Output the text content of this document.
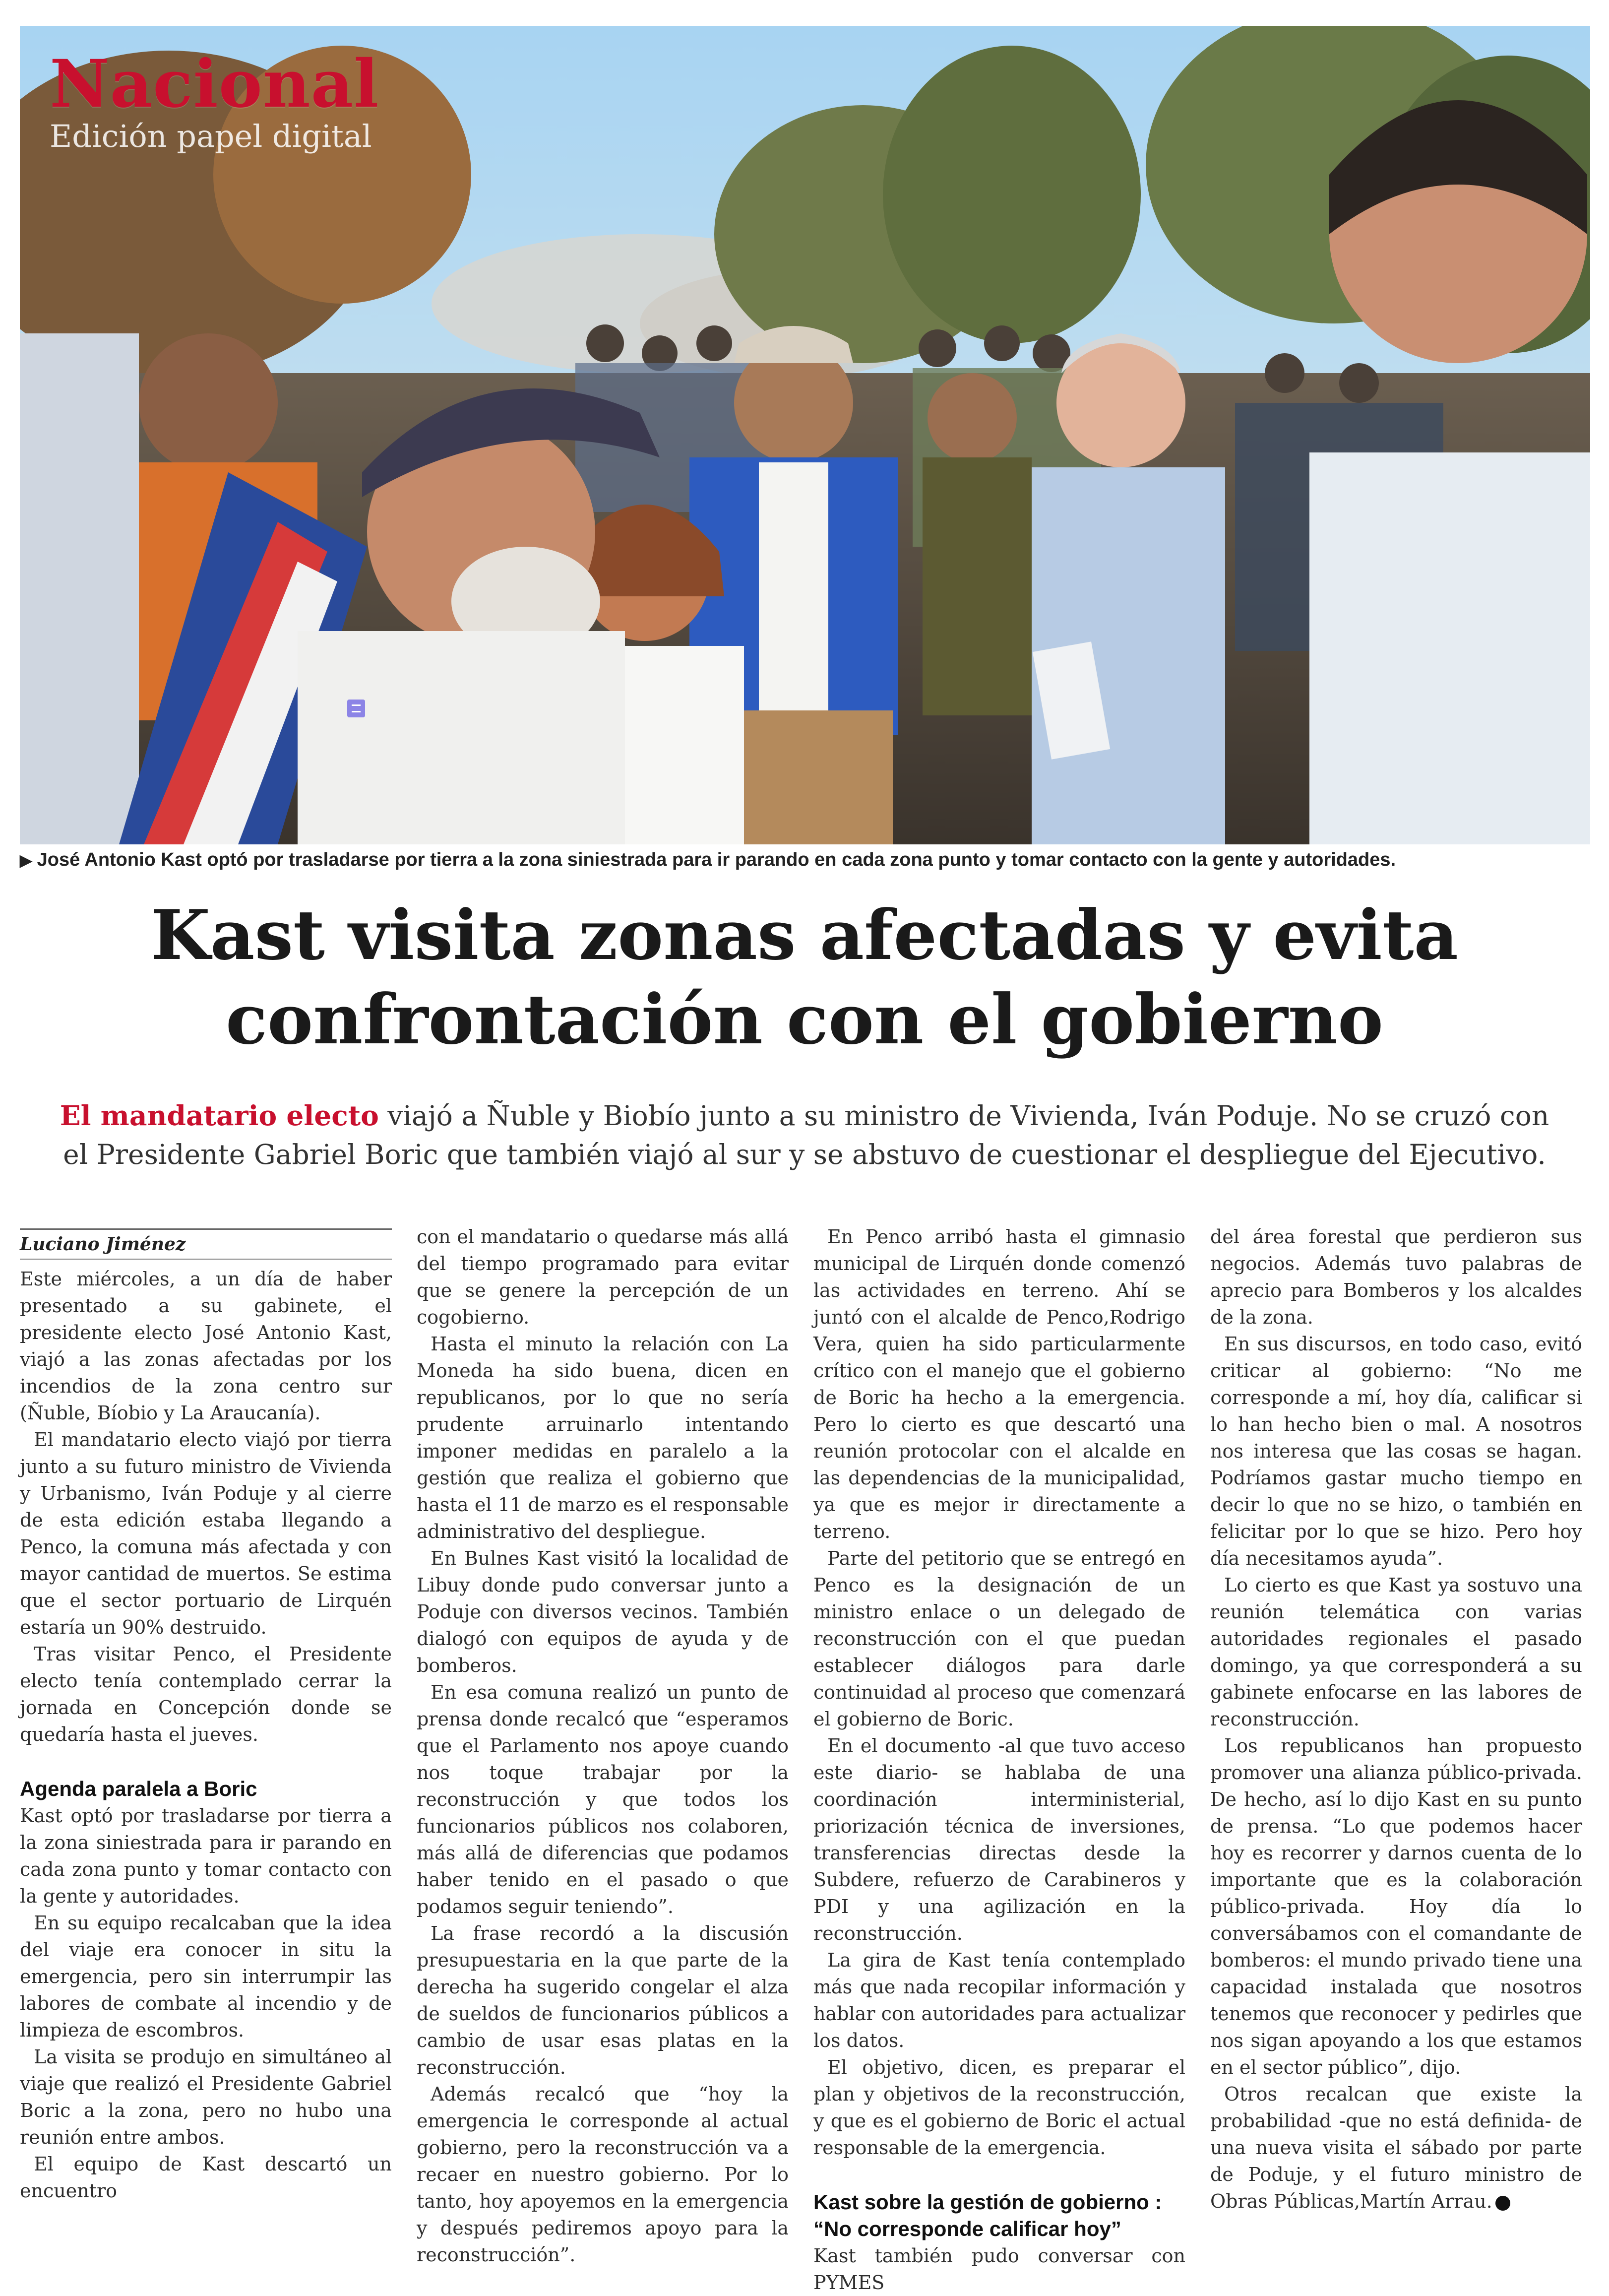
Nacional
Edición papel digital
▶ José Antonio Kast optó por trasladarse por tierra a la zona siniestrada para ir parando en cada zona punto y tomar contacto con la gente y autoridades.
Kast visita zonas afectadas y evita
confrontación con el gobierno
El mandatario electo viajó a Ñuble y Biobío junto a su ministro de Vivienda, Iván Poduje. No se cruzó con
el Presidente Gabriel Boric que también viajó al sur y se abstuvo de cuestionar el despliegue del Ejecutivo.
Luciano Jiménez

Este miércoles, a un día de haber presentado a su gabinete, el presidente electo José Antonio Kast, viajó a las zonas afectadas por los incendios de la zona centro sur (Ñuble, Bíobio y La Araucanía).

El mandatario electo viajó por tierra junto a su futuro ministro de Vivienda y Urbanismo, Iván Poduje y al cierre de esta edición estaba llegando a Penco, la comuna más afectada y con mayor cantidad de muertos. Se estima que el sector portuario de Lirquén estaría un 90% destruido.

Tras visitar Penco, el Presidente electo tenía contemplado cerrar la jornada en Concepción donde se quedaría hasta el jueves.

Agenda paralela a Boric

Kast optó por trasladarse por tierra a la zona siniestrada para ir parando en cada zona punto y tomar contacto con la gente y autoridades.

En su equipo recalcaban que la idea del viaje era conocer in situ la emergencia, pero sin interrumpir las labores de combate al incendio y de limpieza de escombros.

La visita se produjo en simultáneo al viaje que realizó el Presidente Gabriel Boric a la zona, pero no hubo una reunión entre ambos.

El equipo de Kast descartó un encuentro

con el mandatario o quedarse más allá del tiempo programado para evitar que se genere la percepción de un cogobierno.

Hasta el minuto la relación con La Moneda ha sido buena, dicen en republicanos, por lo que no sería prudente arruinarlo intentando imponer medidas en paralelo a la gestión que realiza el gobierno que hasta el 11 de marzo es el responsable administrativo del despliegue.

En Bulnes Kast visitó la localidad de Libuy donde pudo conversar junto a Poduje con diversos vecinos. También dialogó con equipos de ayuda y de bomberos.

En esa comuna realizó un punto de prensa donde recalcó que “esperamos que el Parlamento nos apoye cuando nos toque trabajar por la reconstrucción y que todos los funcionarios públicos nos colaboren, más allá de diferencias que podamos haber tenido en el pasado o que podamos seguir teniendo”.

La frase recordó a la discusión presupuestaria en la que parte de la derecha ha sugerido congelar el alza de sueldos de funcionarios públicos a cambio de usar esas platas en la reconstrucción.

Además recalcó que “hoy la emergencia le corresponde al actual gobierno, pero la reconstrucción va a recaer en nuestro gobierno. Por lo tanto, hoy apoyemos en la emergencia y después pediremos apoyo para la reconstrucción”.

En Penco arribó hasta el gimnasio municipal de Lirquén donde comenzó las actividades en terreno. Ahí se juntó con el alcalde de Penco,Rodrigo Vera, quien ha sido particularmente crítico con el manejo que el gobierno de Boric ha hecho a la emergencia. Pero lo cierto es que descartó una reunión protocolar con el alcalde en las dependencias de la municipalidad, ya que es mejor ir directamente a terreno.

Parte del petitorio que se entregó en Penco es la designación de un ministro enlace o un delegado de reconstrucción con el que puedan establecer diálogos para darle continuidad al proceso que comenzará el gobierno de Boric.

En el documento -al que tuvo acceso este diario- se hablaba de una coordinación interministerial, priorización técnica de inversiones, transferencias directas desde la Subdere, refuerzo de Carabineros y PDI y una agilización en la reconstrucción.

La gira de Kast tenía contemplado más que nada recopilar información y hablar con autoridades para actualizar los datos.

El objetivo, dicen, es preparar el plan y objetivos de la reconstrucción, y que es el gobierno de Boric el actual responsable de la emergencia.

Kast sobre la gestión de gobierno :
“No corresponde calificar hoy”

Kast también pudo conversar con PYMES

del área forestal que perdieron sus negocios. Además tuvo palabras de aprecio para Bomberos y los alcaldes de la zona.

En sus discursos, en todo caso, evitó criticar al gobierno: “No me corresponde a mí, hoy día, calificar si lo han hecho bien o mal. A nosotros nos interesa que las cosas se hagan. Podríamos gastar mucho tiempo en decir lo que no se hizo, o también en felicitar por lo que se hizo. Pero hoy día necesitamos ayuda”.

Lo cierto es que Kast ya sostuvo una reunión telemática con varias autoridades regionales el pasado domingo, ya que corresponderá a su gabinete enfocarse en las labores de reconstrucción.

Los republicanos han propuesto promover una alianza público-privada. De hecho, así lo dijo Kast en su punto de prensa. “Lo que podemos hacer hoy es recorrer y darnos cuenta de lo importante que es la colaboración público-privada. Hoy día lo conversábamos con el comandante de bomberos: el mundo privado tiene una capacidad instalada que nosotros tenemos que reconocer y pedirles que nos sigan apoyando a los que estamos en el sector público”, dijo.

Otros recalcan que existe la probabilidad -que no está definida- de una nueva visita el sábado por parte de Poduje, y el futuro ministro de Obras Públicas,Martín Arrau.
